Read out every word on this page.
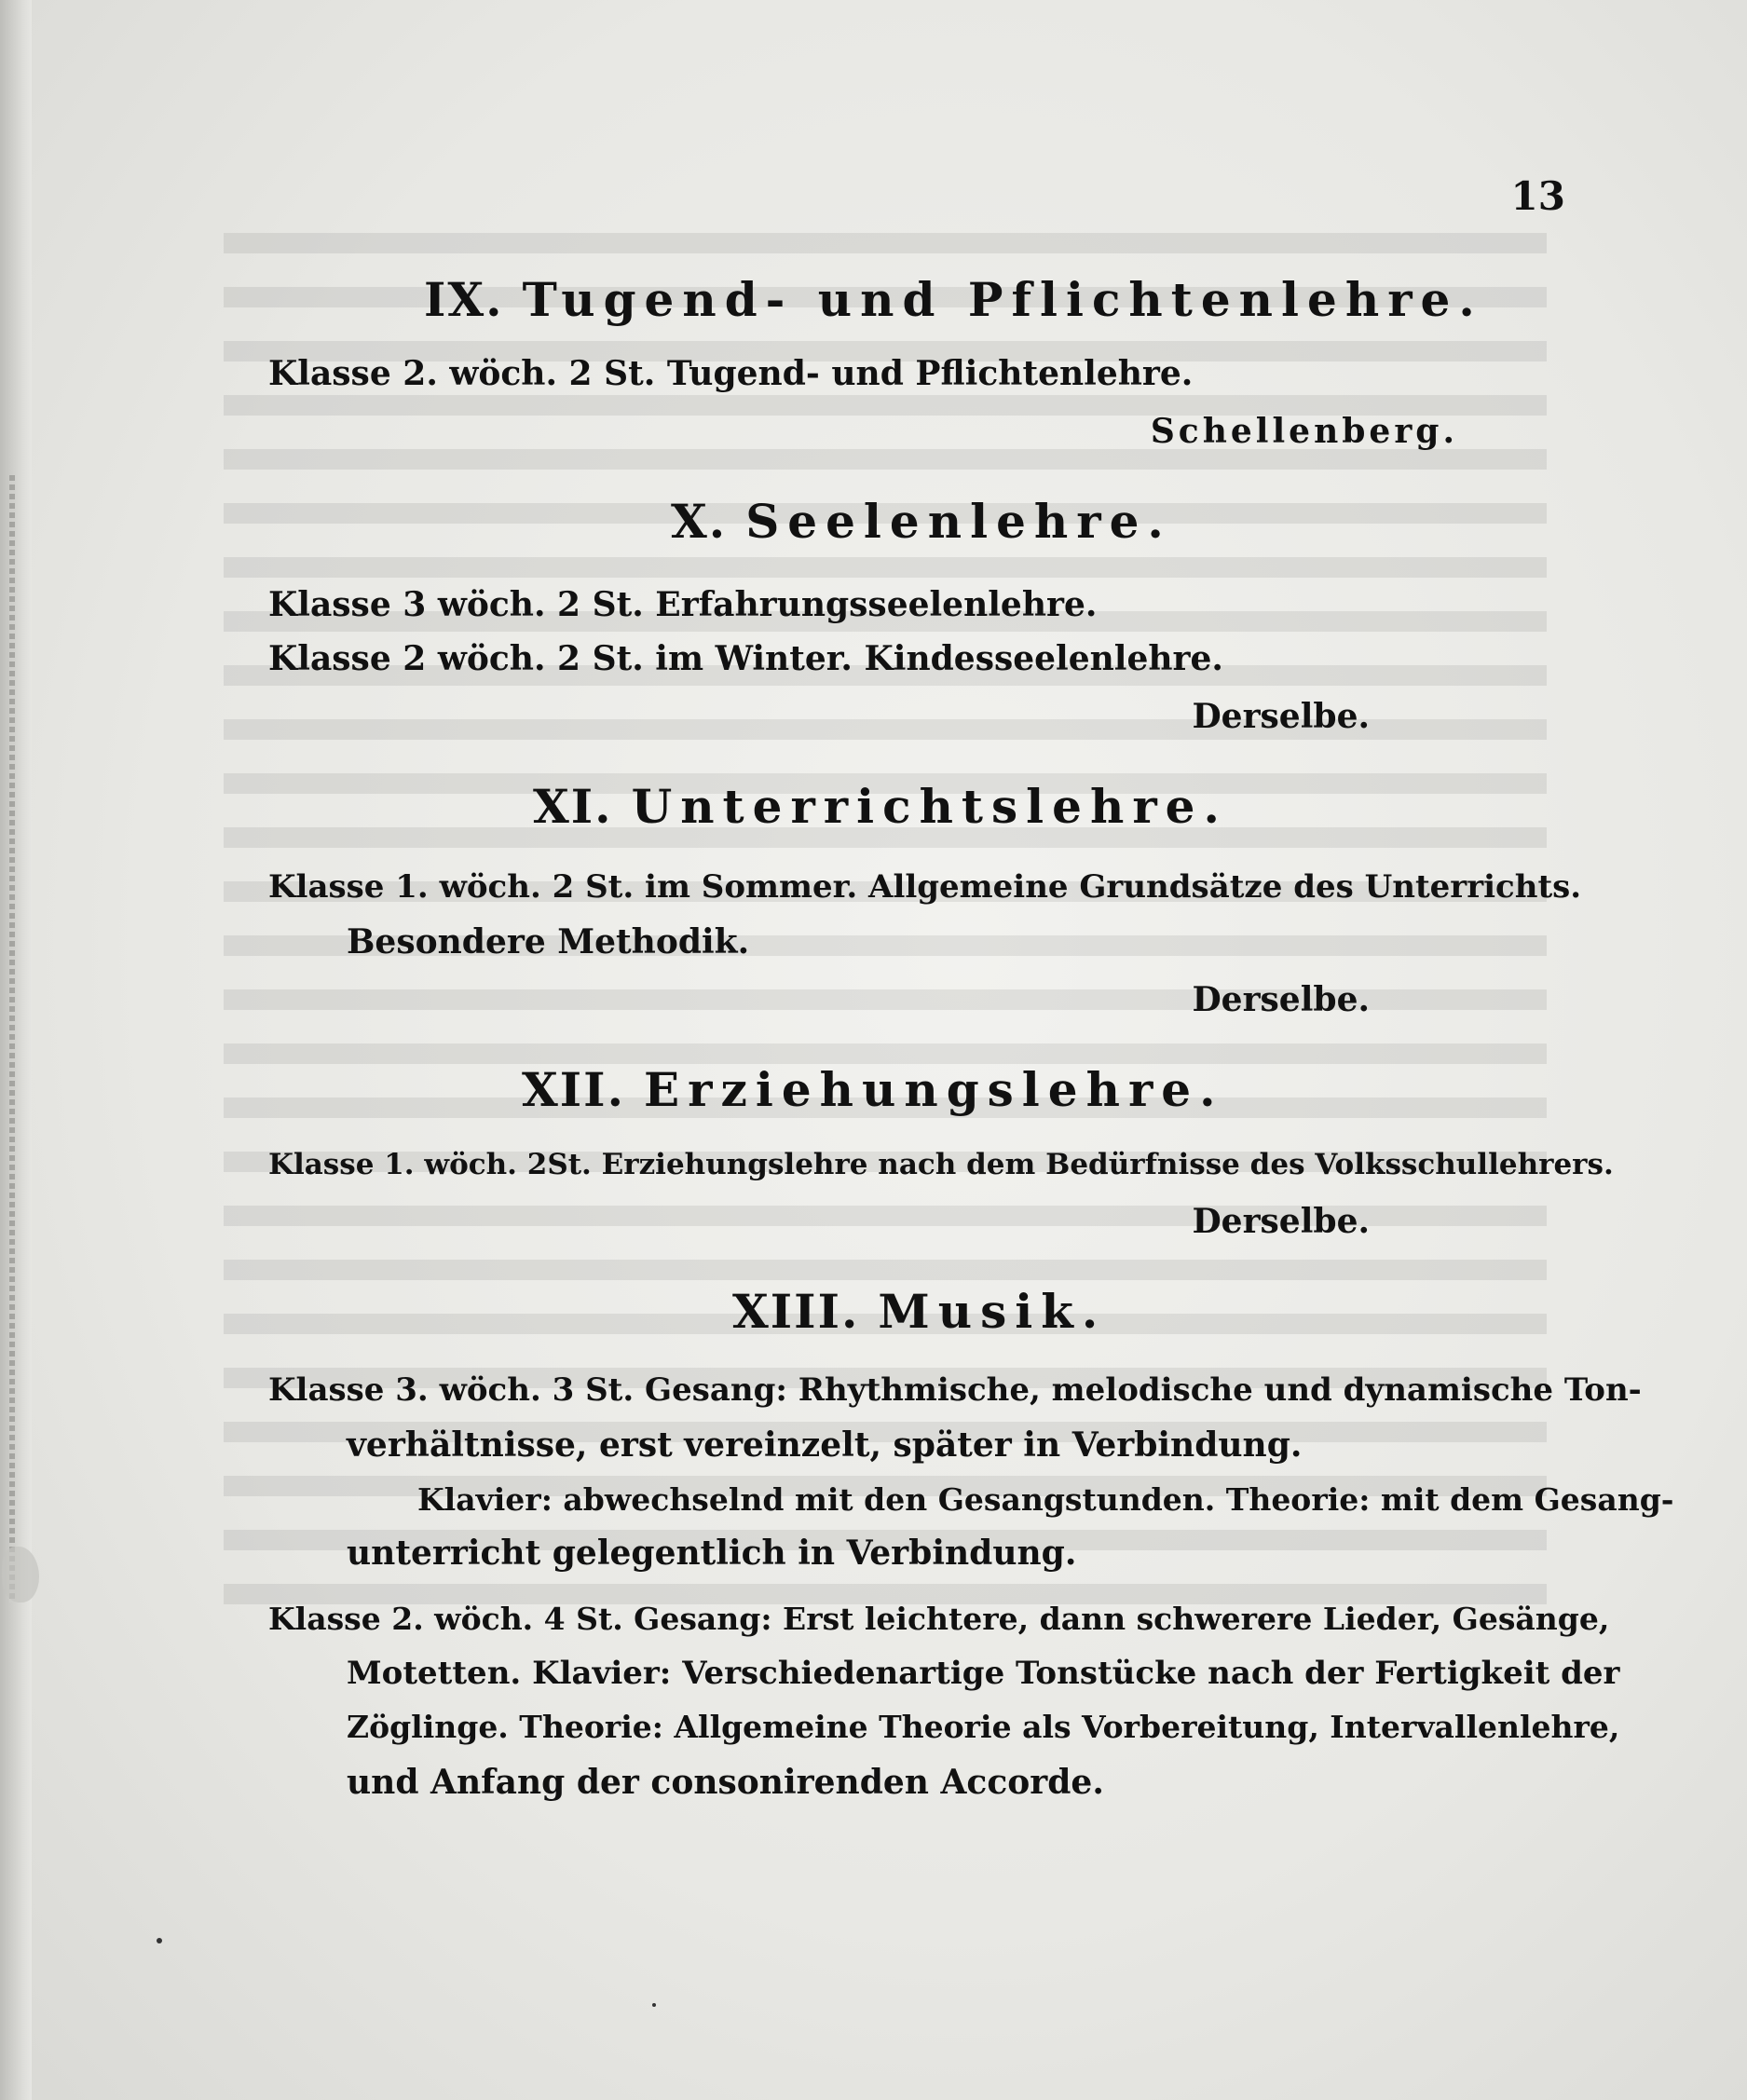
13
IX. Tugend- und Pflichtenlehre.
Klasse 2. wöch. 2 St. Tugend- und Pflichtenlehre.
Schellenberg.
X. Seelenlehre.
Klasse 3 wöch. 2 St. Erfahrungsseelenlehre.
Klasse 2 wöch. 2 St. im Winter. Kindesseelenlehre.
Derselbe.
XI. Unterrichtslehre.
Klasse 1. wöch. 2 St. im Sommer. Allgemeine Grundsätze des Unterrichts.
Besondere Methodik.
Derselbe.
XII. Erziehungslehre.
Klasse 1. wöch. 2St. Erziehungslehre nach dem Bedürfnisse des Volksschullehrers.
Derselbe.
XIII. Musik.
Klasse 3. wöch. 3 St. Gesang: Rhythmische, melodische und dynamische Ton-
verhältnisse, erst vereinzelt, später in Verbindung.
Klavier: abwechselnd mit den Gesangstunden. Theorie: mit dem Gesang-
unterricht gelegentlich in Verbindung.
Klasse 2. wöch. 4 St. Gesang: Erst leichtere, dann schwerere Lieder, Gesänge,
Motetten. Klavier: Verschiedenartige Tonstücke nach der Fertigkeit der
Zöglinge. Theorie: Allgemeine Theorie als Vorbereitung, Intervallenlehre,
und Anfang der consonirenden Accorde.
